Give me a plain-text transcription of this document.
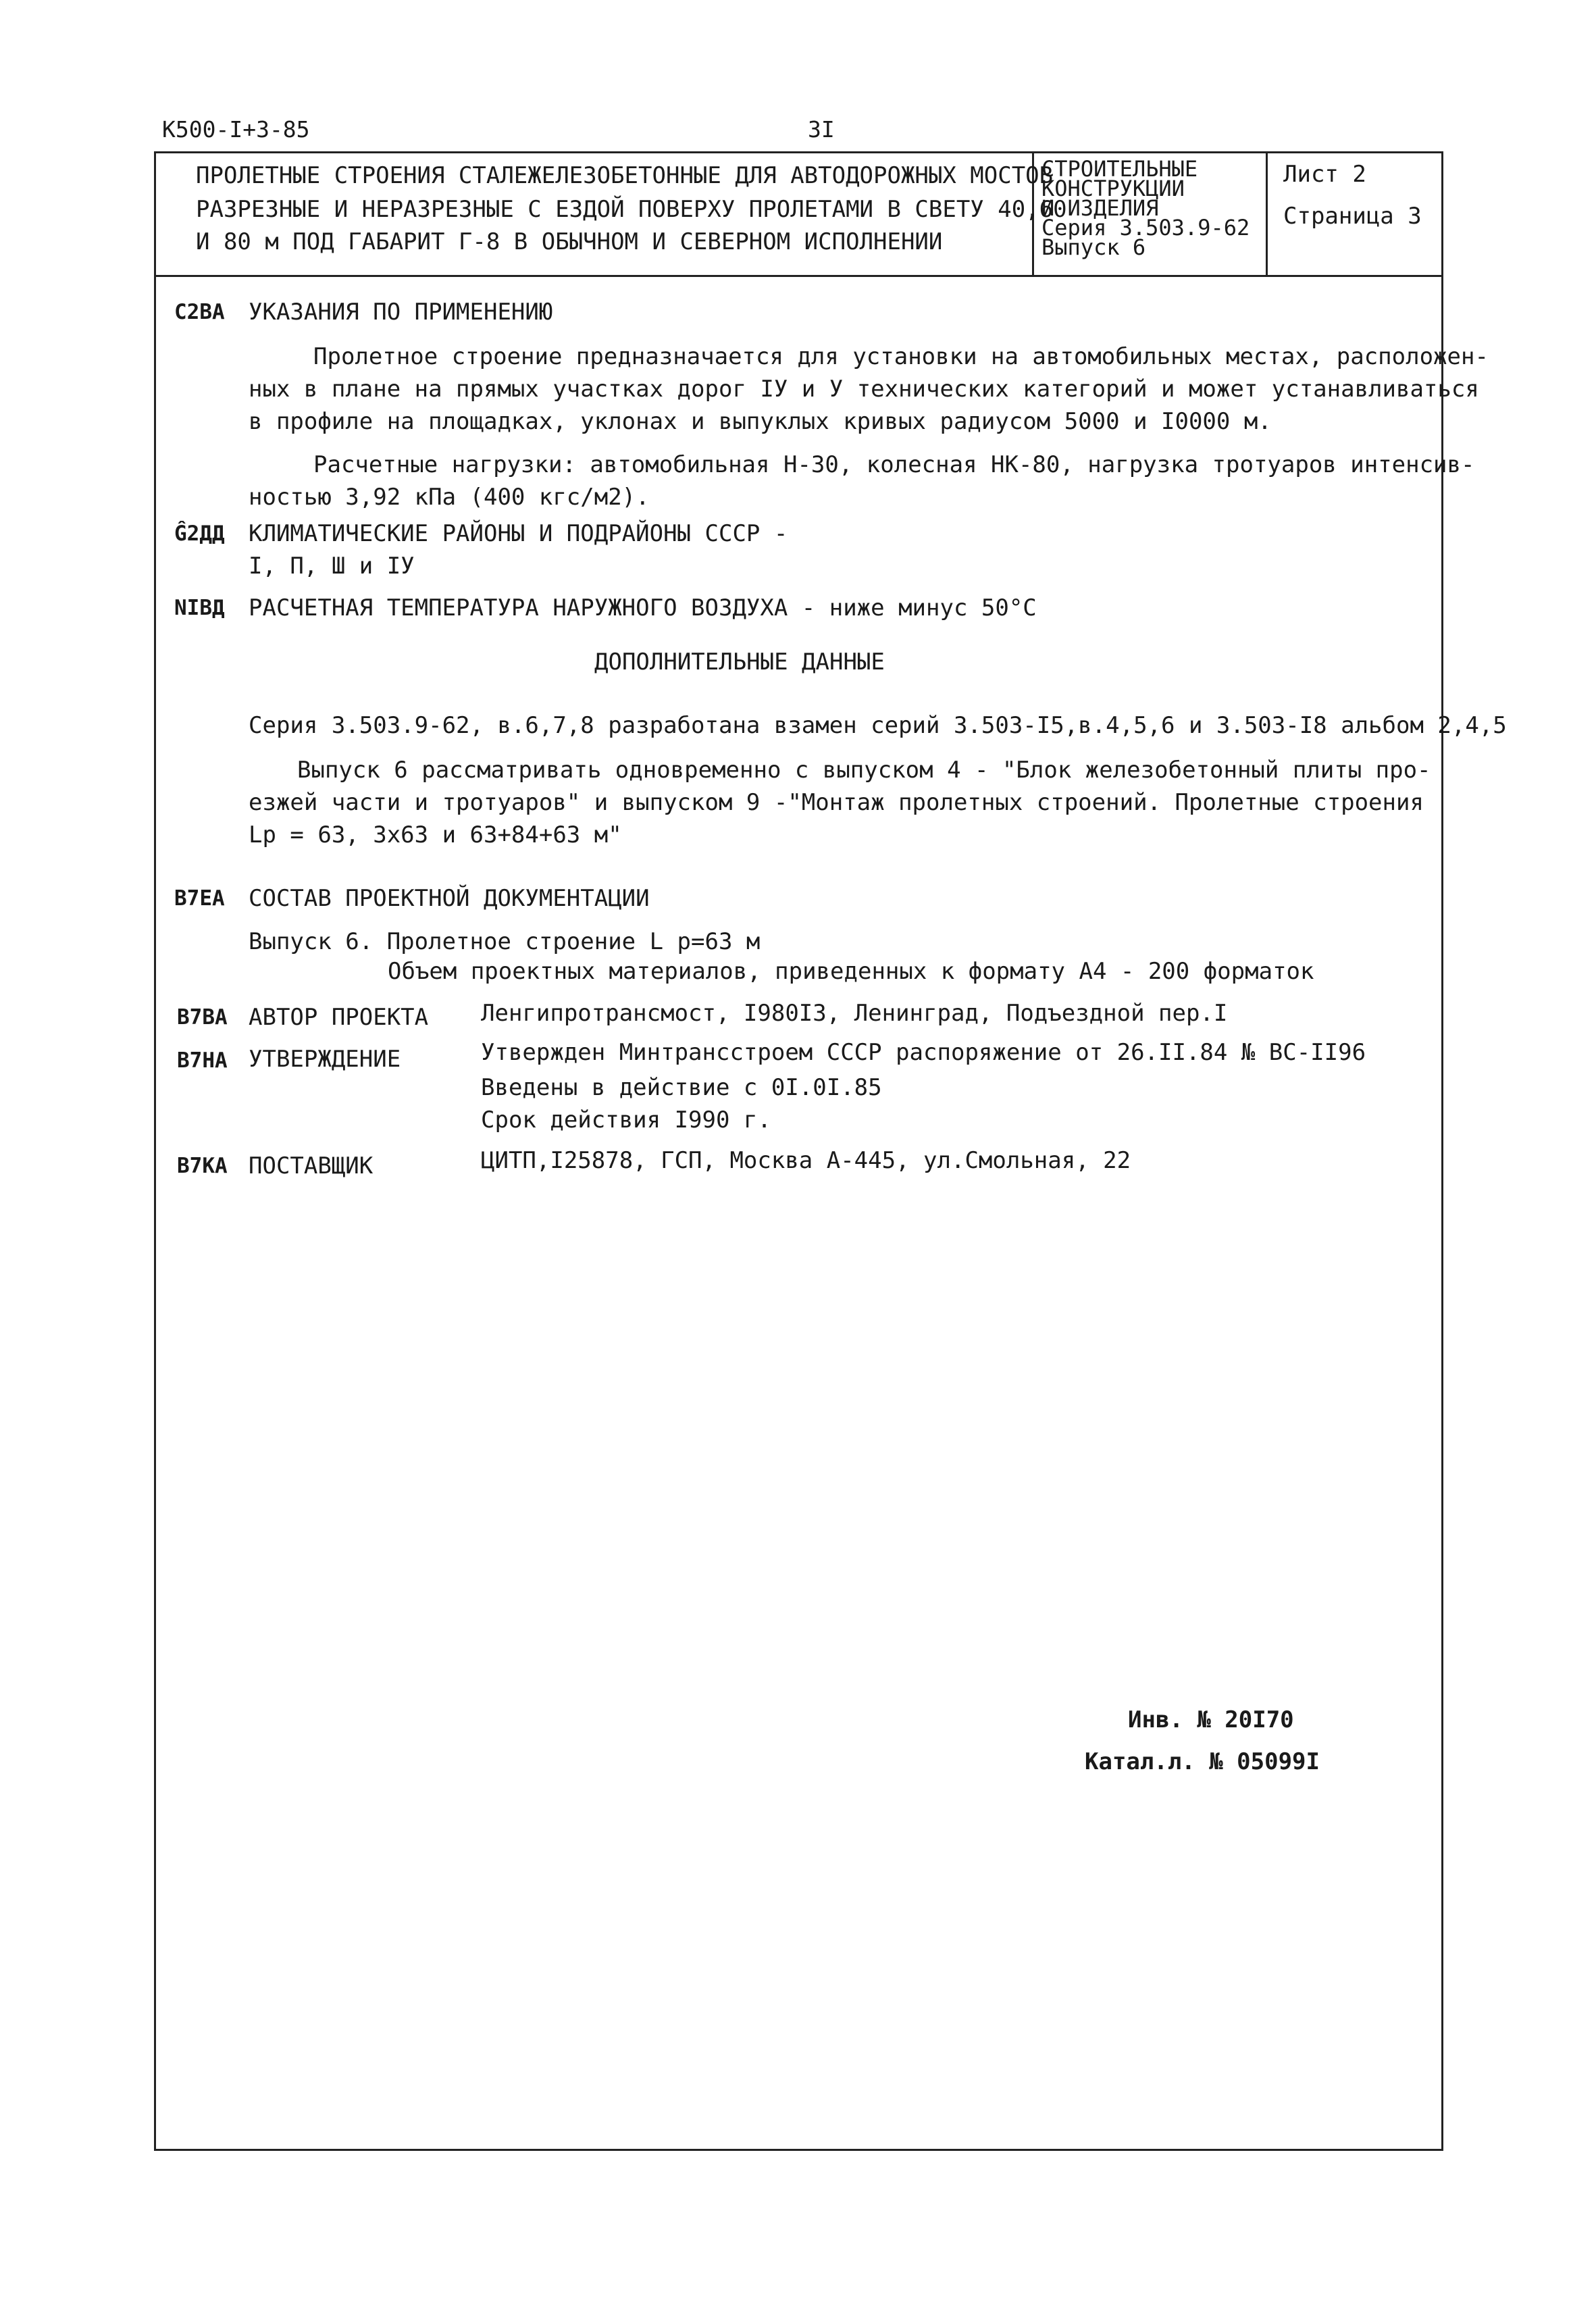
К500-I+3-85	3I
ПРОЛЕТНЫЕ СТРОЕНИЯ СТАЛЕЖЕЛЕЗОБЕТОННЫЕ ДЛЯ АВТОДОРОЖНЫХ МОСТОВ
РАЗРЕЗНЫЕ И НЕРАЗРЕЗНЫЕ С ЕЗДОЙ ПОВЕРХУ ПРОЛЕТАМИ В СВЕТУ 40,60
И 80 м ПОД ГАБАРИТ Г-8 В ОБЫЧНОМ И СЕВЕРНОМ ИСПОЛНЕНИИ
СТРОИТЕЛЬНЫЕ
КОНСТРУКЦИИ
И ИЗДЕЛИЯ
Серия 3.503.9-62
Выпуск 6
Лист 2
Страница 3
С2ВА УКАЗАНИЯ ПО ПРИМЕНЕНИЮ
Пролетное строение предназначается для установки на автомобильных местах, расположен-
ных в плане на прямых участках дорог IУ и У технических категорий и может устанавливаться
в профиле на площадках, уклонах и выпуклых кривых радиусом 5000 и I0000 м.
Расчетные нагрузки: автомобильная Н-30, колесная НК-80, нагрузка тротуаров интенсив-
ностью 3,92 кПа (400 кгс/м2).
Ĝ2ДД КЛИМАТИЧЕСКИЕ РАЙОНЫ И ПОДРАЙОНЫ СССР -
I, П, Ш и IУ
NIВД РАСЧЕТНАЯ ТЕМПЕРАТУРА НАРУЖНОГО ВОЗДУХА - ниже минус 50°С
ДОПОЛНИТЕЛЬНЫЕ ДАННЫЕ
Серия 3.503.9-62, в.6,7,8 разработана взамен серий 3.503-I5,в.4,5,6 и 3.503-I8 альбом 2,4,5
Выпуск 6 рассматривать одновременно с выпуском 4 - "Блок железобетонный плиты про-
езжей части и тротуаров" и выпуском 9 -"Монтаж пролетных строений. Пролетные строения
Lр = 63, 3х63 и 63+84+63 м"
В7ЕА СОСТАВ ПРОЕКТНОЙ ДОКУМЕНТАЦИИ
Выпуск 6. Пролетное строение L р=63 м
Объем проектных материалов, приведенных к формату А4 - 200 форматок
В7ВА АВТОР ПРОЕКТА Ленгипротрансмост, I980I3, Ленинград, Подъездной пер.I
В7НА УТВЕРЖДЕНИЕ	Утвержден Минтрансстроем СССР распоряжение от 26.II.84 № ВС-II96
Введены в действие с 0I.0I.85
Срок действия I990 г.
В7КА ПОСТАВЩИК	ЦИТП,I25878, ГСП, Москва А-445, ул.Смольная, 22
Инв. № 20I70
Катал.л. № 05099I
